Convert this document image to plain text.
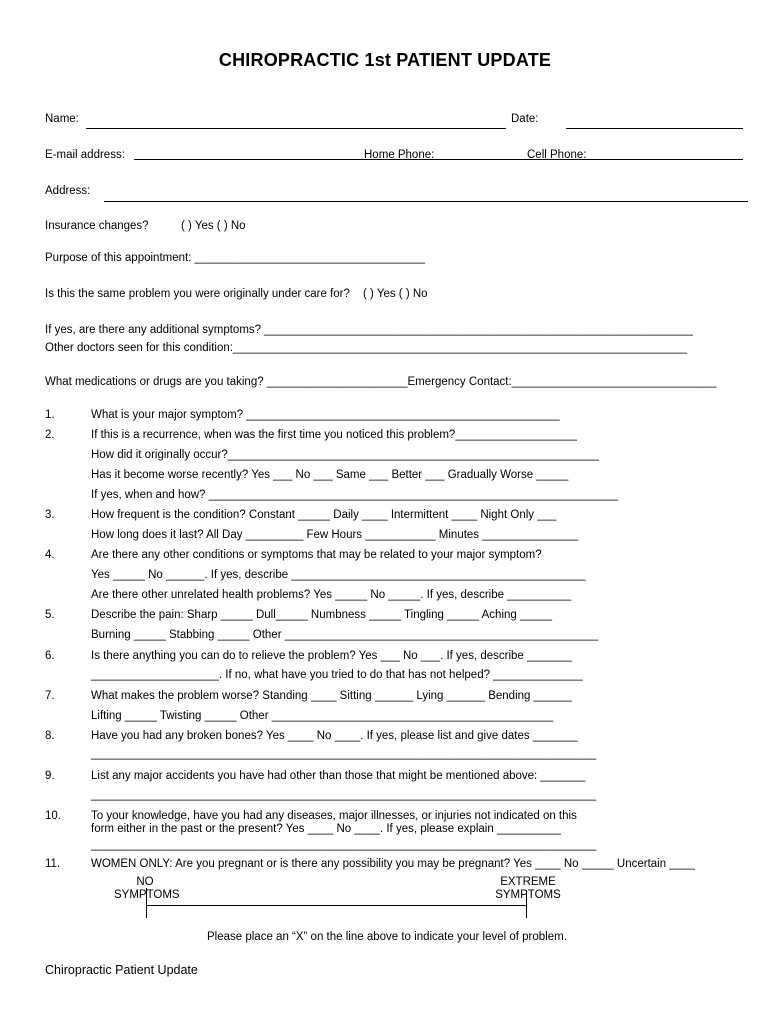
CHIROPRACTIC 1st PATIENT UPDATE
Name:	Date:
E-mail address:	Home Phone:	Cell Phone:
Address:
Insurance changes?	( ) Yes ( ) No
Purpose of this appointment: ____________________________________
Is this the same problem you were originally under care for? ( ) Yes ( ) No
If yes, are there any additional symptoms? ___________________________________________________________________
Other doctors seen for this condition:_______________________________________________________________________
What medications or drugs are you taking? ______________________Emergency Contact:________________________________
1.	What is your major symptom? _________________________________________________
2.	If this is a recurrence, when was the first time you noticed this problem?___________________
How did it originally occur?__________________________________________________________
Has it become worse recently? Yes ___ No ___ Same ___ Better ___ Gradually Worse _____
If yes, when and how? ________________________________________________________________
3.	How frequent is the condition? Constant _____ Daily ____ Intermittent ____ Night Only ___
How long does it last? All Day _________ Few Hours ___________ Minutes _______________
4.	Are there any other conditions or symptoms that may be related to your major symptom?
Yes _____ No ______. If yes, describe ______________________________________________
Are there other unrelated health problems? Yes _____ No _____. If yes, describe __________
5.	Describe the pain: Sharp _____ Dull_____ Numbness _____ Tingling _____ Aching _____
Burning _____ Stabbing _____ Other _________________________________________________
6.	Is there anything you can do to relieve the problem? Yes ___ No ___. If yes, describe _______
____________________. If no, what have you tried to do that has not helped? ______________
7.	What makes the problem worse? Standing ____ Sitting ______ Lying ______ Bending ______
Lifting _____ Twisting _____ Other ____________________________________________
8.	Have you had any broken bones? Yes ____ No ____. If yes, please list and give dates _______
_______________________________________________________________________________
9.	List any major accidents you have had other than those that might be mentioned above: _______
_______________________________________________________________________________
10.	To your knowledge, have you had any diseases, major illnesses, or injuries not indicated on this
form either in the past or the present? Yes ____ No ____. If yes, please explain __________
_______________________________________________________________________________
11.	WOMEN ONLY: Are you pregnant or is there any possibility you may be pregnant? Yes ____ No _____ Uncertain ____
NO
SYMPTOMS
EXTREME
SYMPTOMS
Please place an “X” on the line above to indicate your level of problem.
Chiropractic Patient Update
